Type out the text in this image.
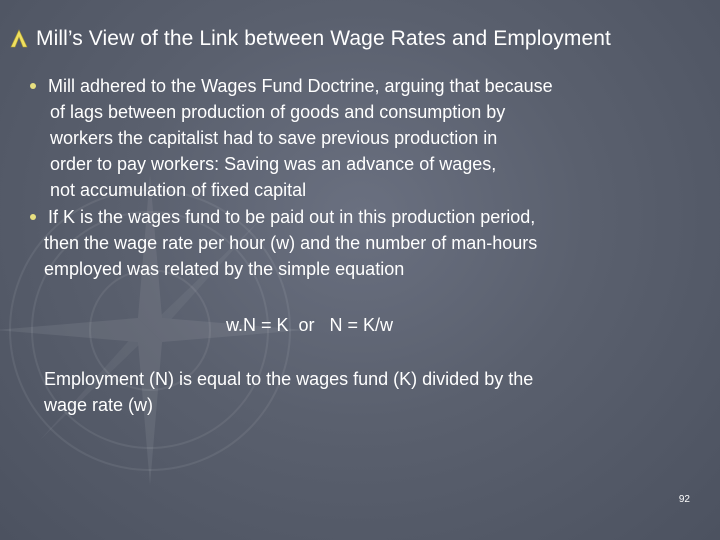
Mill’s View of the Link between Wage Rates and Employment
Mill adhered to the Wages Fund Doctrine, arguing that because
of lags between production of goods and consumption by
workers the capitalist had to save previous production in
order to pay workers: Saving was an advance of wages,
not accumulation of fixed capital
If K is the wages fund to be paid out in this production period,
then the wage rate per hour (w) and the number of man-hours
employed was related by the simple equation
w.N = K  or   N = K/w
Employment (N) is equal to the wages fund (K) divided by the
wage rate (w)
92
